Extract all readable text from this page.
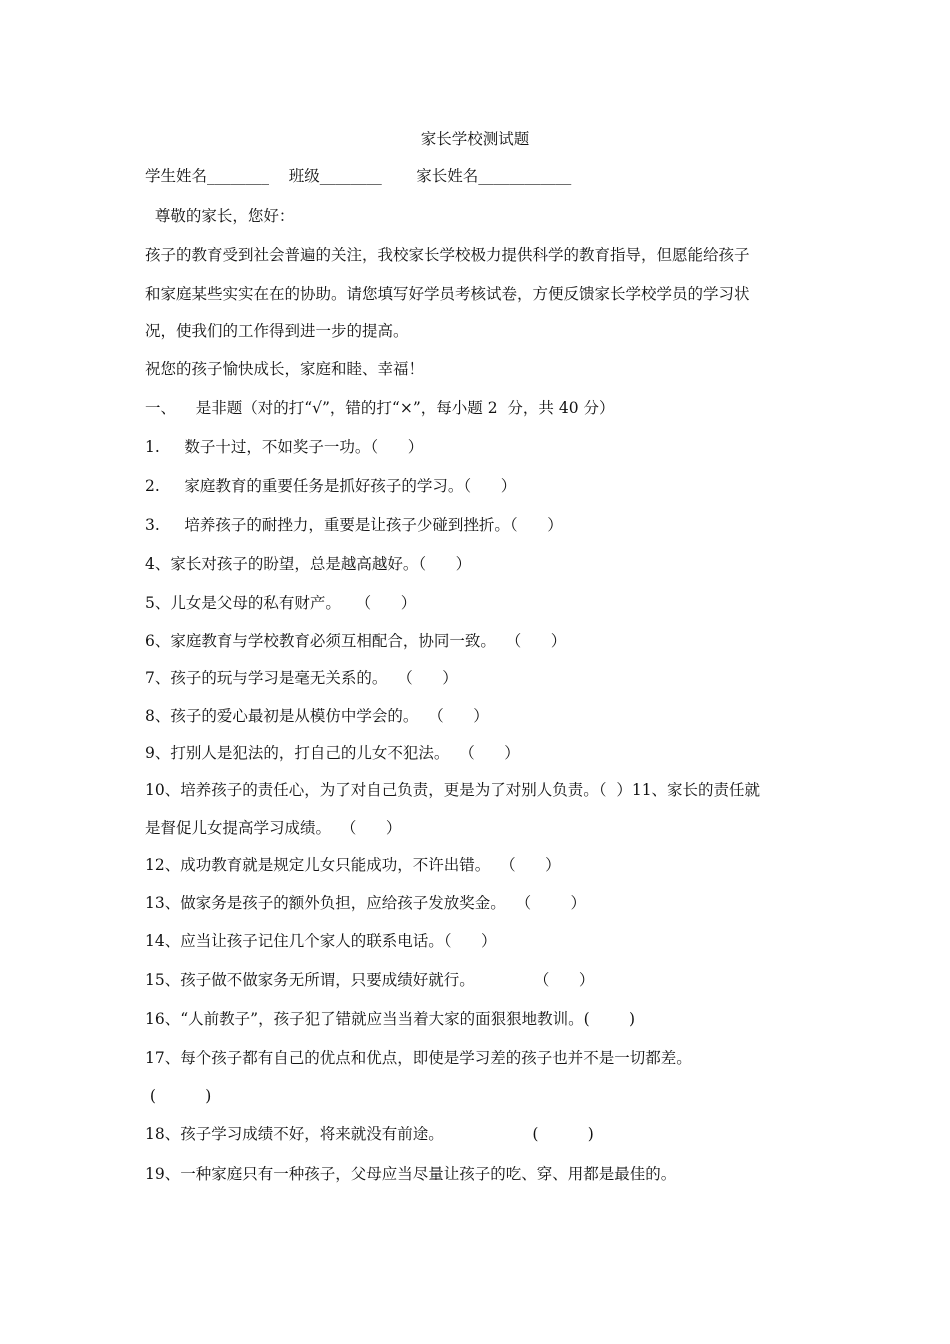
家长学校测试题
学生姓名________    班级________       家长姓名____________
尊敬的家长，您好：
孩子的教育受到社会普遍的关注，我校家长学校极力提供科学的教育指导，但愿能给孩子
和家庭某些实实在在的协助。请您填写好学员考核试卷，方便反馈家长学校学员的学习状
况，使我们的工作得到进一步的提高。
祝您的孩子愉快成长，家庭和睦、幸福！
一、    是非题（对的打“√”，错的打“×”，每小题 2  分，共 40 分）
1.     数子十过，不如奖子一功。（      ）
2.     家庭教育的重要任务是抓好孩子的学习。（      ）
3.     培养孩子的耐挫力，重要是让孩子少碰到挫折。（      ）
4、家长对孩子的盼望，总是越高越好。（      ）
5、儿女是父母的私有财产。   （      ）
6、家庭教育与学校教育必须互相配合，协同一致。  （      ）
7、孩子的玩与学习是毫无关系的。  （      ）
8、孩子的爱心最初是从模仿中学会的。  （      ）
9、打别人是犯法的，打自己的儿女不犯法。  （      ）
10、培养孩子的责任心，为了对自己负责，更是为了对别人负责。（  ）11、家长的责任就
是督促儿女提高学习成绩。  （      ）
12、成功教育就是规定儿女只能成功，不许出错。  （      ）
13、做家务是孩子的额外负担，应给孩子发放奖金。  （        ）
14、应当让孩子记住几个家人的联系电话。（      ）
15、孩子做不做家务无所谓，只要成绩好就行。            （      ）
16、“人前教子”，孩子犯了错就应当当着大家的面狠狠地教训。(        )
17、每个孩子都有自己的优点和优点，即使是学习差的孩子也并不是一切都差。
(          )
18、孩子学习成绩不好，将来就没有前途。                  (          )
19、一种家庭只有一种孩子，父母应当尽量让孩子的吃、穿、用都是最佳的。
